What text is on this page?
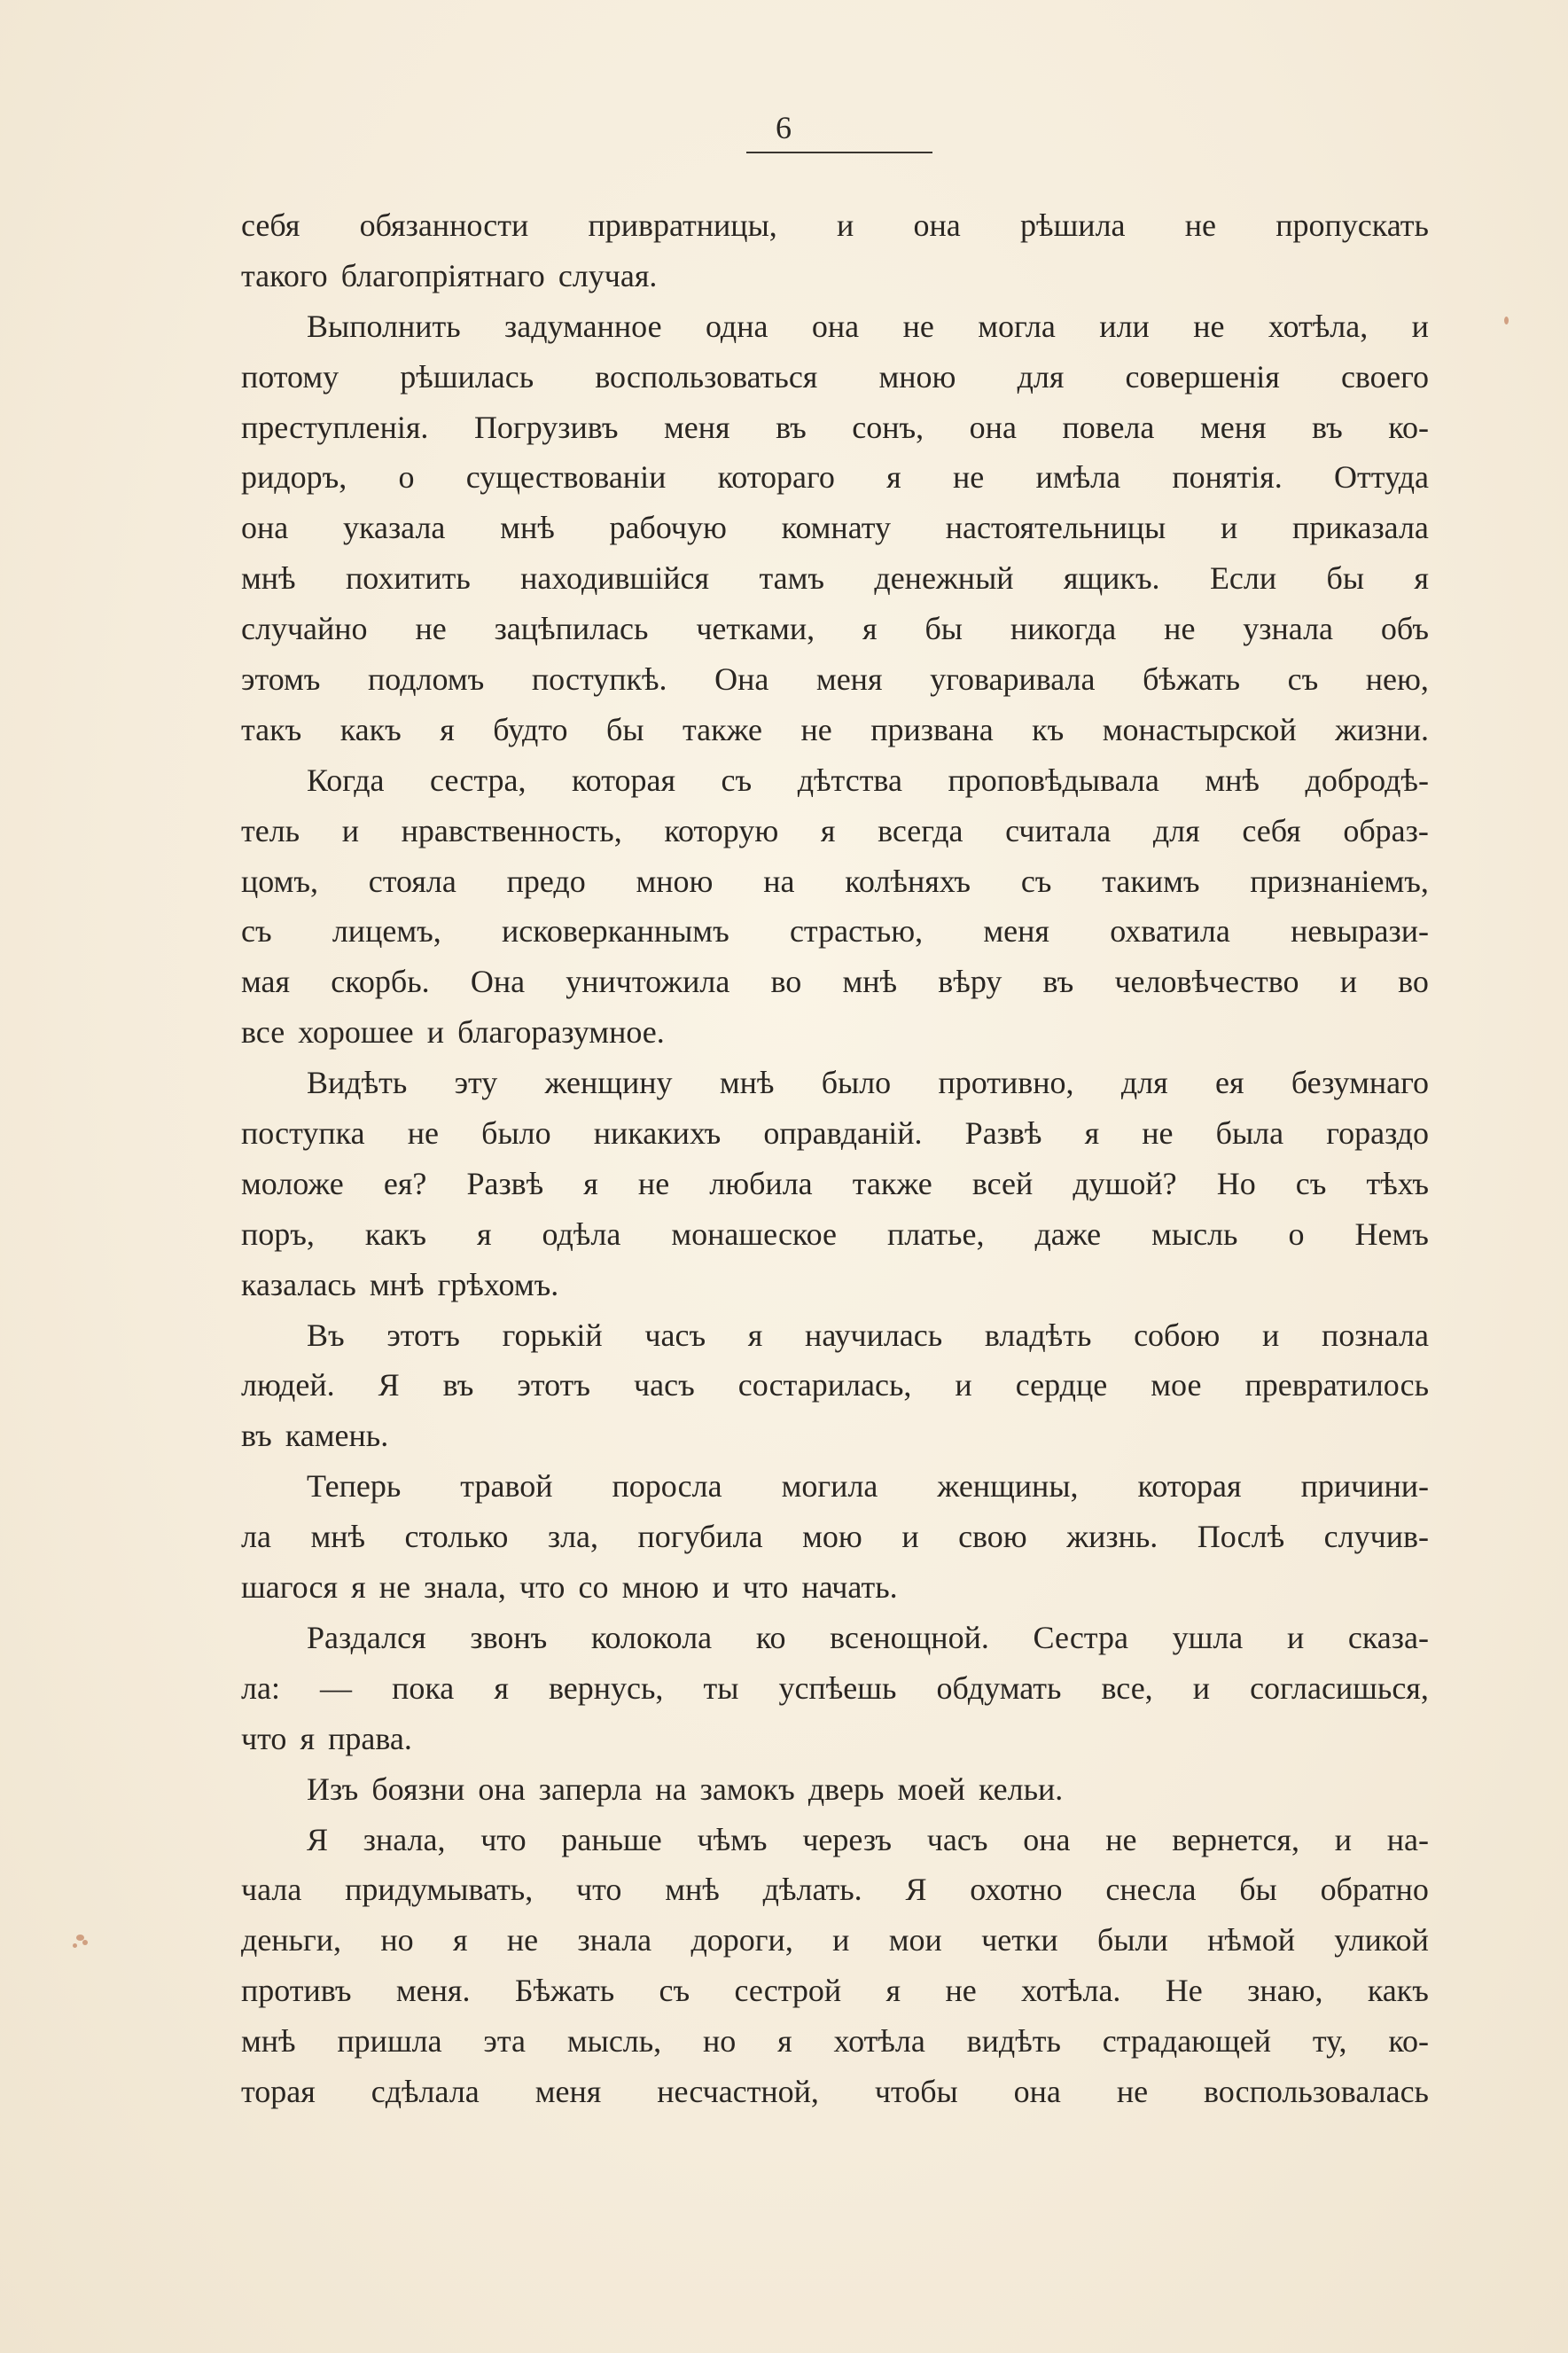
6
себя обязанности привратницы, и она рѣшила не пропускать
такого благопріятнаго случая.
Выполнить задуманное одна она не могла или не хотѣла, и
потому рѣшилась воспользоваться мною для совершенія своего
преступленія. Погрузивъ меня въ сонъ, она повела меня въ ко-
ридоръ, о существованіи котораго я не имѣла понятія. Оттуда
она указала мнѣ рабочую комнату настоятельницы и приказала
мнѣ похитить находившійся тамъ денежный ящикъ. Если бы я
случайно не зацѣпилась четками, я бы никогда не узнала объ
этомъ подломъ поступкѣ. Она меня уговаривала бѣжать съ нею,
такъ какъ я будто бы также не призвана къ монастырской жизни.
Когда сестра, которая съ дѣтства проповѣдывала мнѣ добродѣ-
тель и нравственность, которую я всегда считала для себя образ-
цомъ, стояла предо мною на колѣняхъ съ такимъ признаніемъ,
съ лицемъ, исковерканнымъ страстью, меня охватила невырази-
мая скорбь. Она уничтожила во мнѣ вѣру въ человѣчество и во
все хорошее и благоразумное.
Видѣть эту женщину мнѣ было противно, для ея безумнаго
поступка не было никакихъ оправданій. Развѣ я не была гораздо
моложе ея? Развѣ я не любила также всей душой? Но съ тѣхъ
поръ, какъ я одѣла монашеское платье, даже мысль о Немъ
казалась мнѣ грѣхомъ.
Въ этотъ горькій часъ я научилась владѣть собою и познала
людей. Я въ этотъ часъ состарилась, и сердце мое превратилось
въ камень.
Теперь травой поросла могила женщины, которая причини-
ла мнѣ столько зла, погубила мою и свою жизнь. Послѣ случив-
шагося я не знала, что со мною и что начать.
Раздался звонъ колокола ко всенощной. Сестра ушла и сказа-
ла: — пока я вернусь, ты успѣешь обдумать все, и согласишься,
что я права.
Изъ боязни она заперла на замокъ дверь моей кельи.
Я знала, что раньше чѣмъ черезъ часъ она не вернется, и на-
чала придумывать, что мнѣ дѣлать. Я охотно снесла бы обратно
деньги, но я не знала дороги, и мои четки были нѣмой уликой
противъ меня. Бѣжать съ сестрой я не хотѣла. Не знаю, какъ
мнѣ пришла эта мысль, но я хотѣла видѣть страдающей ту, ко-
торая сдѣлала меня несчастной, чтобы она не воспользовалась
